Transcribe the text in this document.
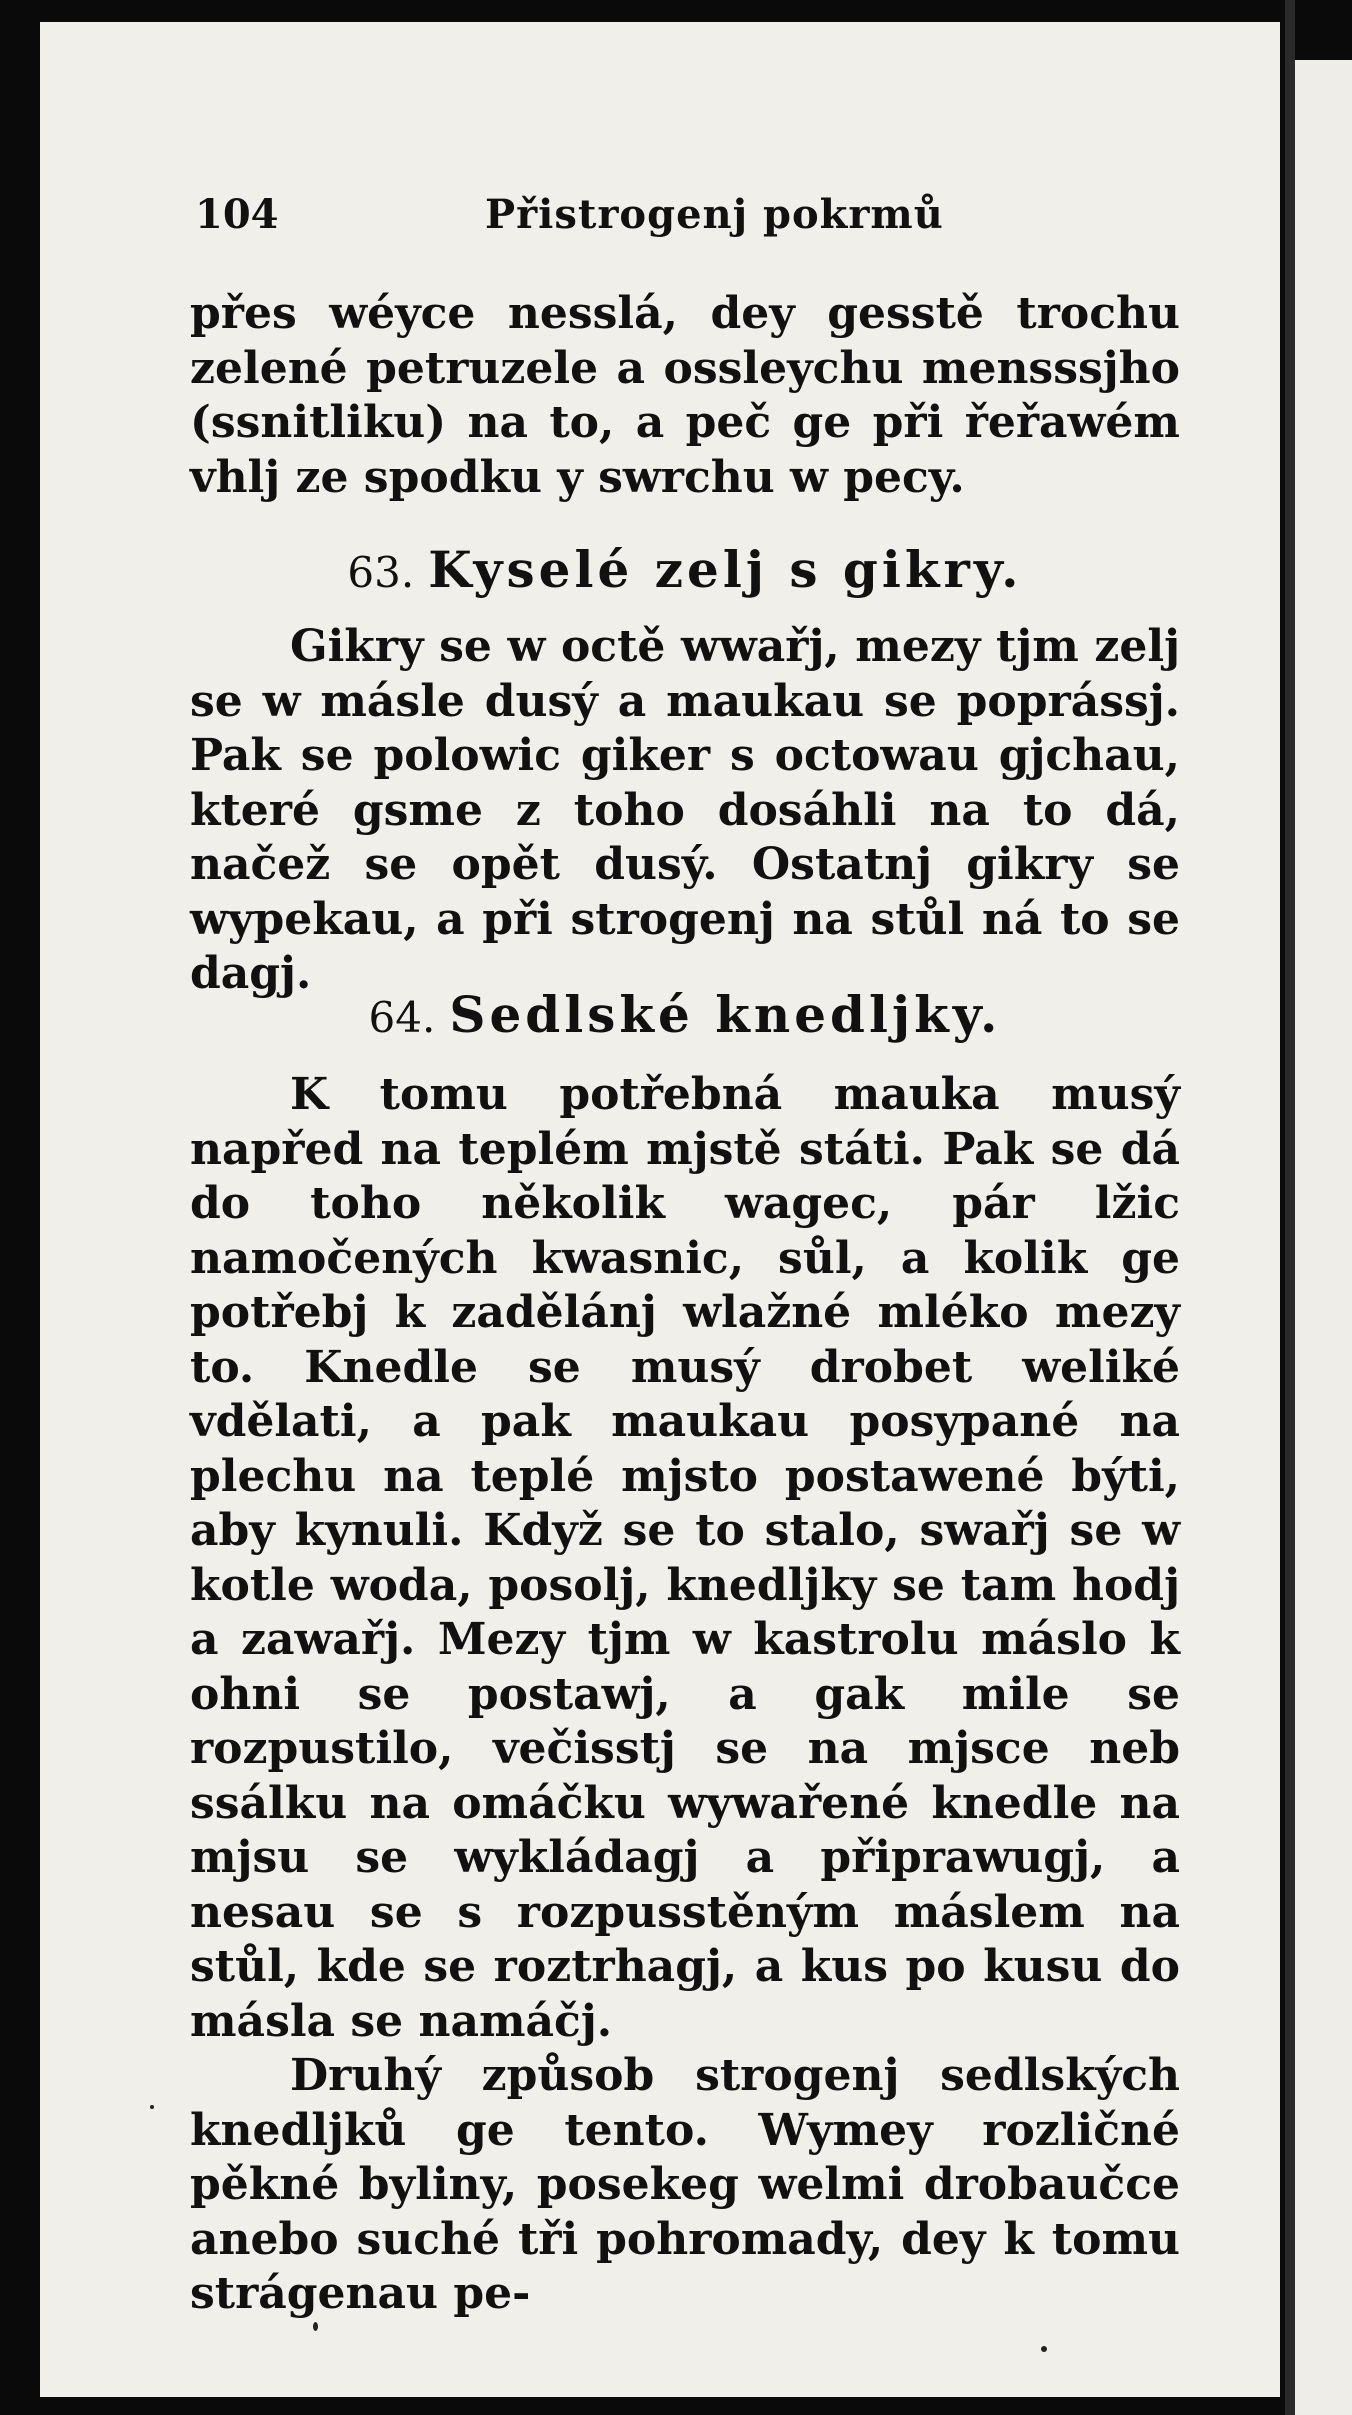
104	Přistrogenj pokrmů

přes wéyce nesslá, dey gesstě trochu zelené petruzele a ossleychu mensssjho (ssnitliku) na to, a peč ge při řeřawém vhlj ze spodku y swrchu w pecy.

63. Kyselé zelj s gikry.

Gikry se w octě wwařj, mezy tjm zelj se w másle dusý a maukau se poprássj. Pak se polowic giker s octowau gjchau, které gsme z toho dosáhli na to dá, načež se opět dusý. Ostatnj gikry se wypekau, a při strogenj na stůl ná to se dagj.

64. Sedlské knedljky.

K tomu potřebná mauka musý napřed na teplém mjstě státi. Pak se dá do toho několik wagec, pár lžic namočených kwasnic, sůl, a kolik ge potřebj k zadělánj wlažné mléko mezy to. Knedle se musý drobet weliké vdělati, a pak maukau posypané na plechu na teplé mjsto postawené býti, aby kynuli. Když se to stalo, swařj se w kotle woda, posolj, knedljky se tam hodj a zawařj. Mezy tjm w kastrolu máslo k ohni se postawj, a gak mile se rozpustilo, večisstj se na mjsce neb ssálku na omáčku wywařené knedle na mjsu se wykládagj a připrawugj, a nesau se s rozpusstěným máslem na stůl, kde se roztrhagj, a kus po kusu do másla se namáčj.

Druhý způsob strogenj sedlských knedljků ge tento. Wymey rozličné pěkné byliny, posekeg welmi drobaučce anebo suché tři pohromady, dey k tomu strágenau pe-
